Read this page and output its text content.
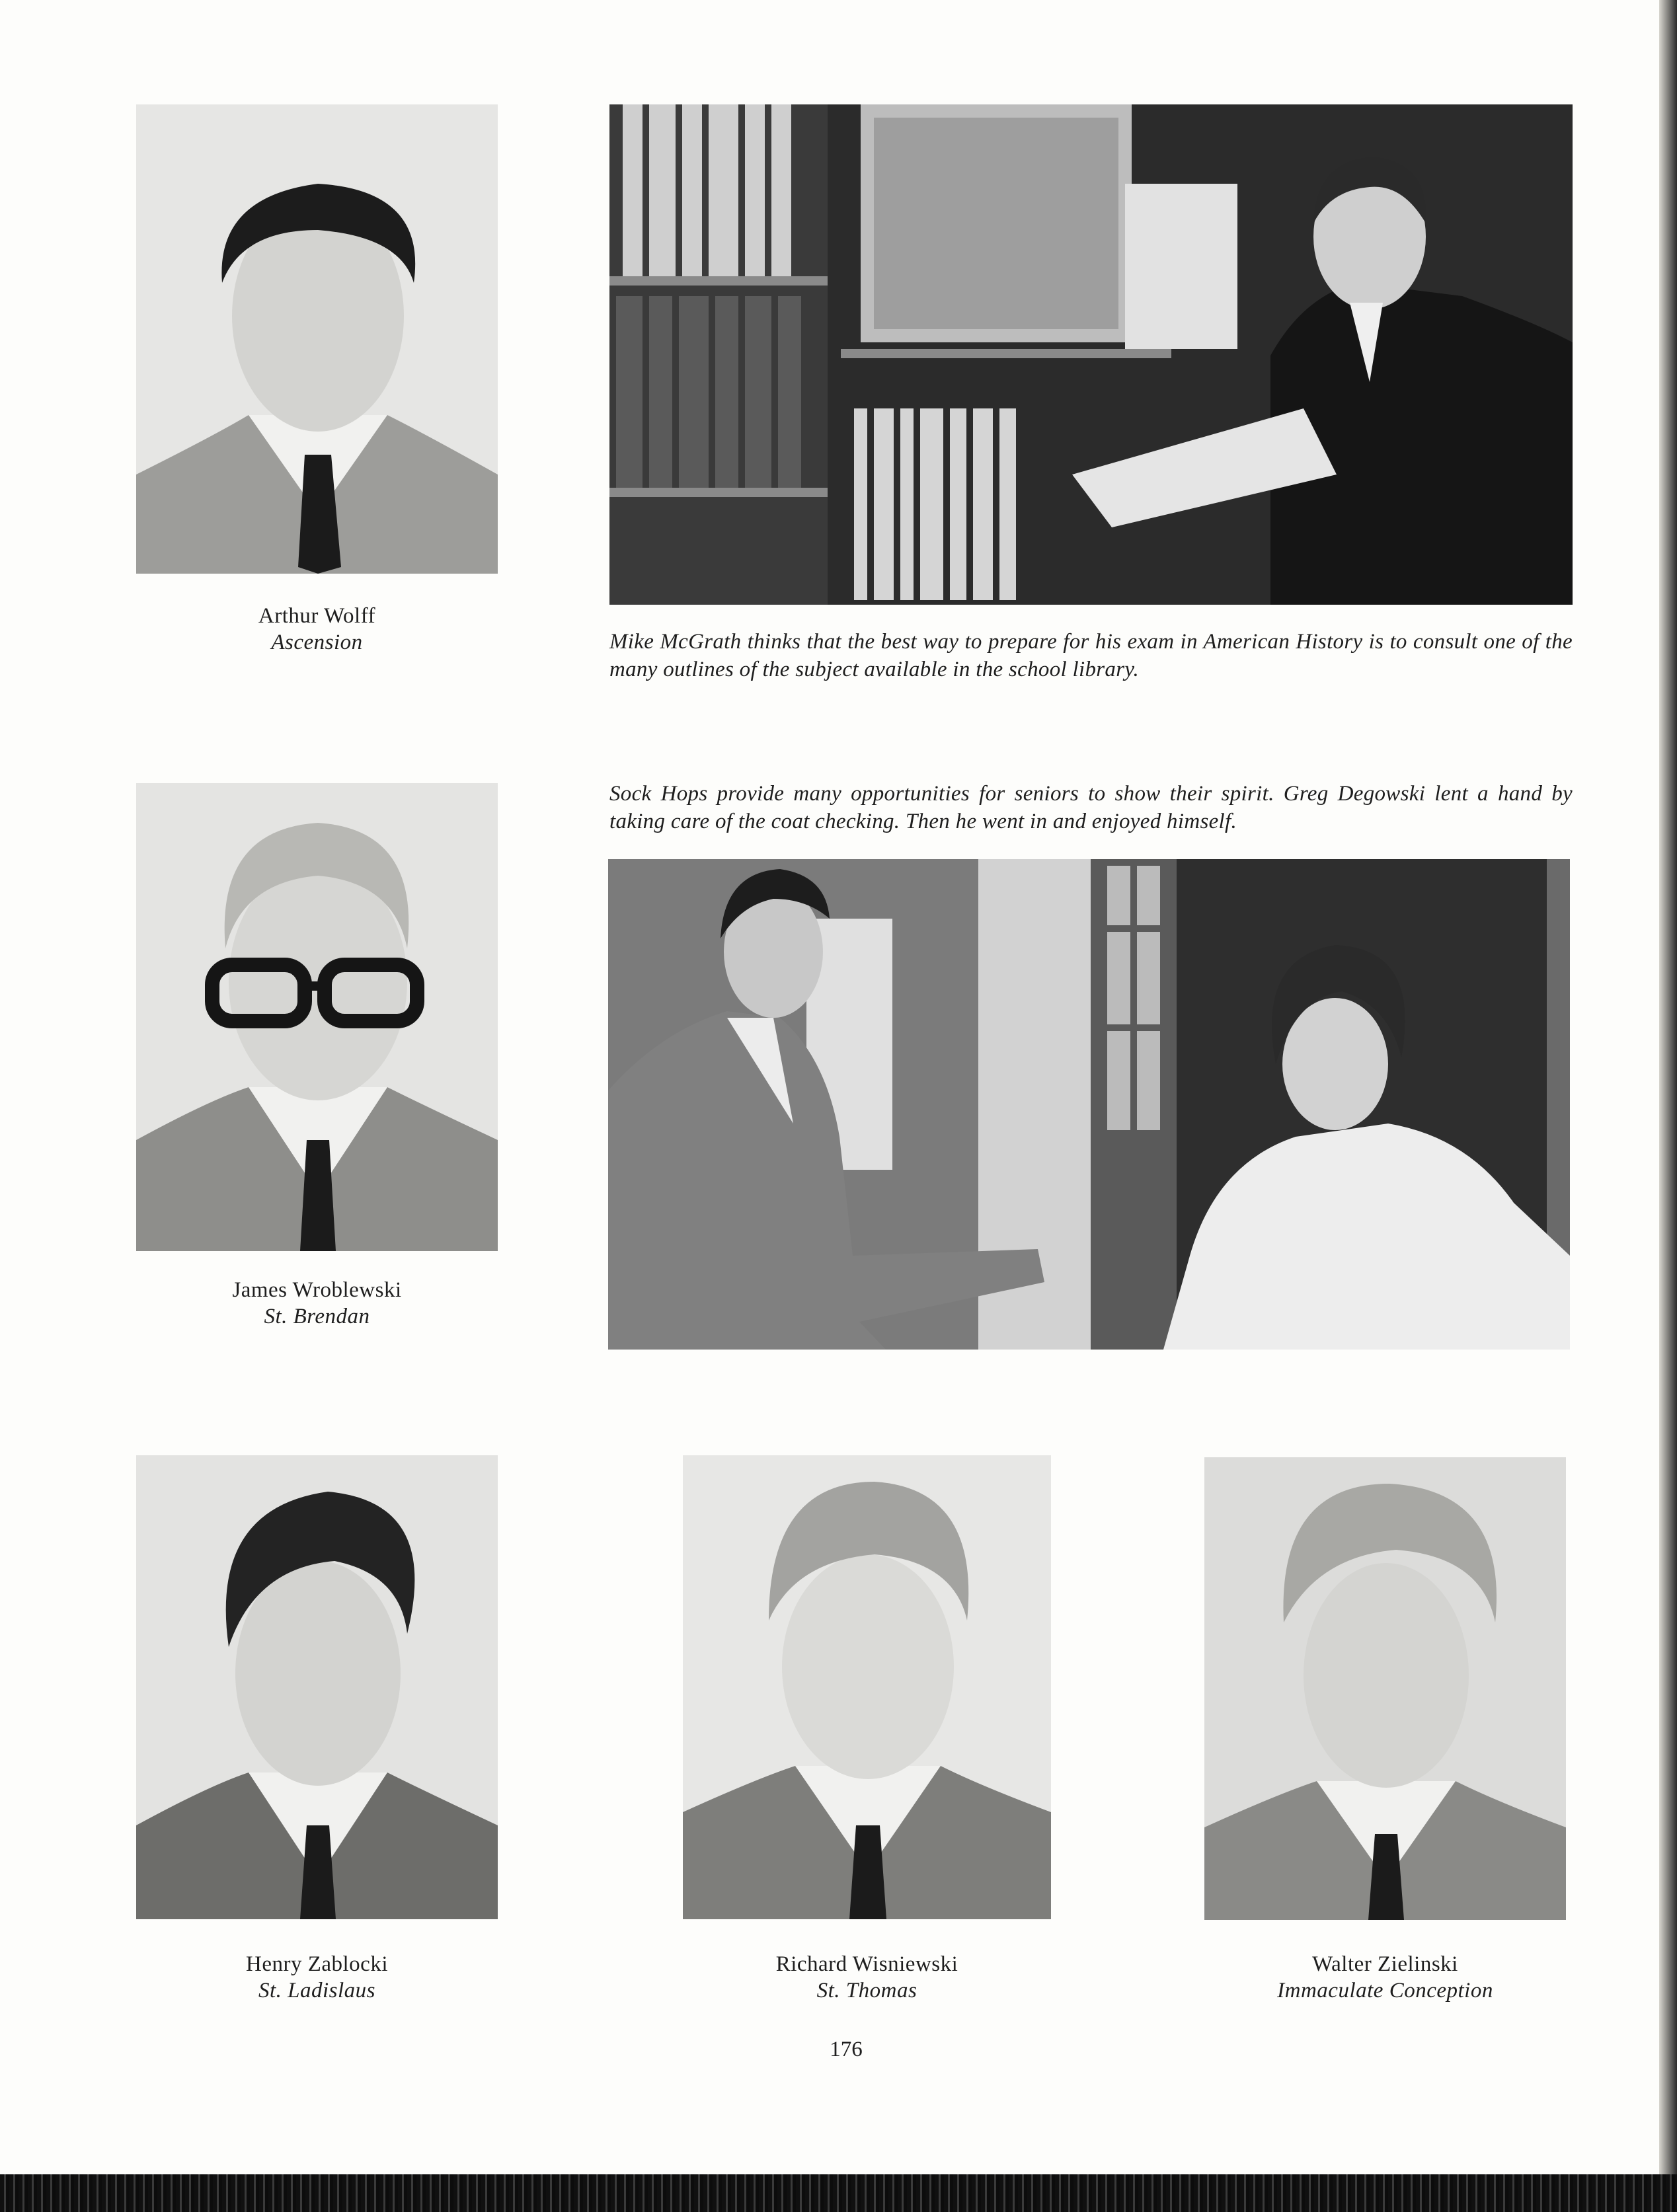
Arthur Wolff
Ascension	Mike McGrath thinks that the best way to prepare for his exam in American History is to consult one of the many outlines of the subject available in the school library.

James Wroblewski
St. Brendan

Sock Hops provide many opportunities for seniors to show their spirit. Greg Degowski lent a hand by taking care of the coat checking. Then he went in and enjoyed himself.

Henry Zablocki
St. Ladislaus
Richard Wisniewski
St. Thomas
Walter Zielinski
Immaculate Conception
176
